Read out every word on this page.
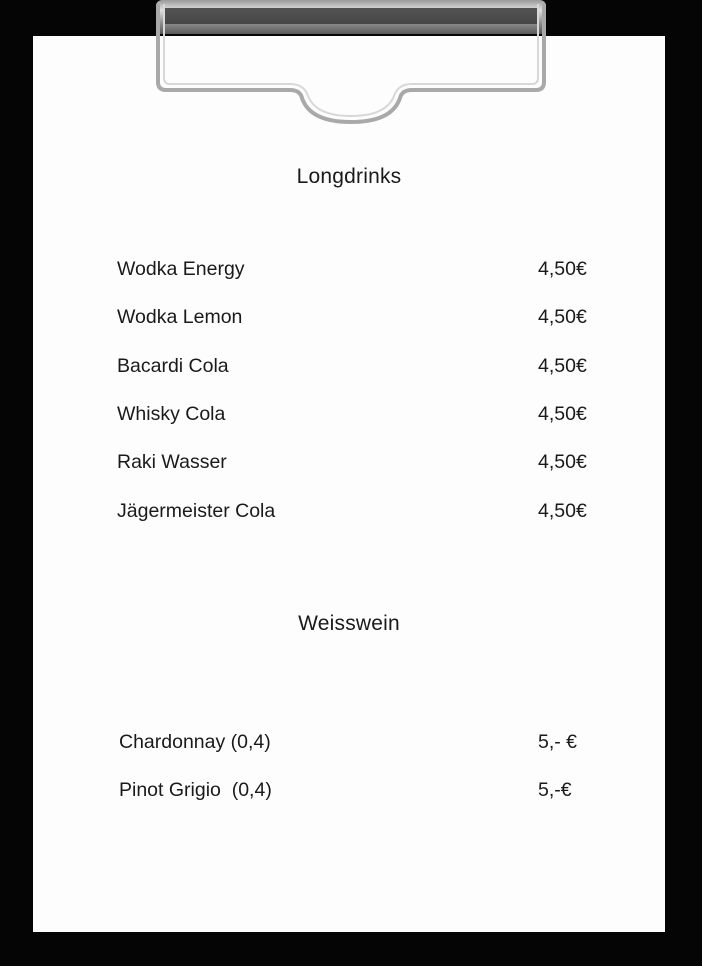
Longdrinks
Wodka Energy	4,50€
Wodka Lemon	4,50€
Bacardi Cola	4,50€
Whisky Cola	4,50€
Raki Wasser	4,50€
Jägermeister Cola	4,50€
Weisswein
Chardonnay (0,4)	5,- €
Pinot Grigio  (0,4)	5,-€
